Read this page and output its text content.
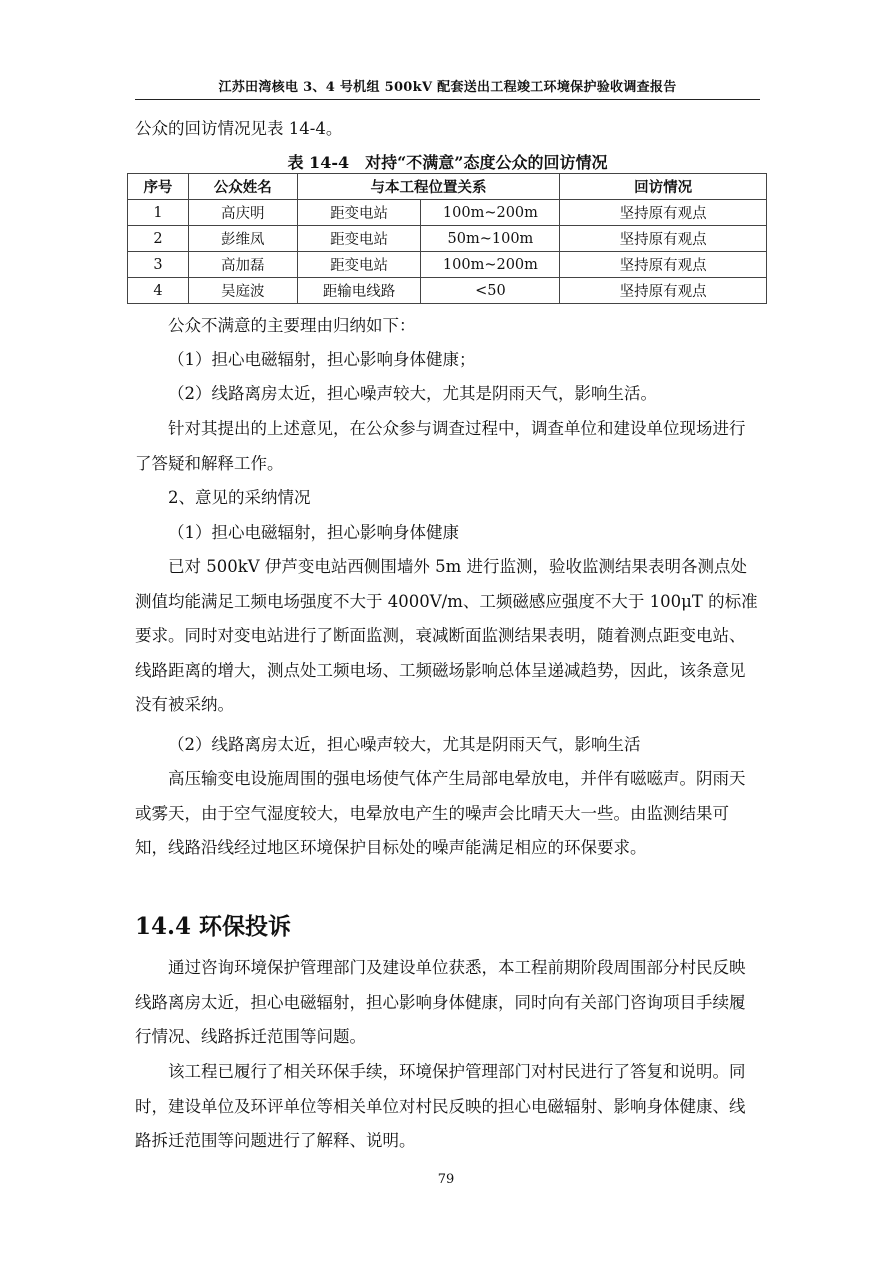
江苏田湾核电 3、4 号机组 500kV 配套送出工程竣工环境保护验收调查报告

公众的回访情况见表 14-4。

表 14-4　对持“不满意”态度公众的回访情况
序号	公众姓名	与本工程位置关系		回访情况
1	高庆明	距变电站	100m~200m	坚持原有观点
2	彭维凤	距变电站	50m~100m	坚持原有观点
3	高加磊	距变电站	100m~200m	坚持原有观点
4	吴庭波	距输电线路	<50	坚持原有观点

公众不满意的主要理由归纳如下：

（1）担心电磁辐射，担心影响身体健康；

（2）线路离房太近，担心噪声较大，尤其是阴雨天气，影响生活。

针对其提出的上述意见，在公众参与调查过程中，调查单位和建设单位现场进行了答疑和解释工作。

2、意见的采纳情况

（1）担心电磁辐射，担心影响身体健康

已对 500kV 伊芦变电站西侧围墙外 5m 进行监测，验收监测结果表明各测点处测值均能满足工频电场强度不大于 4000V/m、工频磁感应强度不大于 100μT 的标准要求。同时对变电站进行了断面监测，衰减断面监测结果表明，随着测点距变电站、线路距离的增大，测点处工频电场、工频磁场影响总体呈递减趋势，因此，该条意见没有被采纳。

（2）线路离房太近，担心噪声较大，尤其是阴雨天气，影响生活

高压输变电设施周围的强电场使气体产生局部电晕放电，并伴有嗞嗞声。阴雨天或雾天，由于空气湿度较大，电晕放电产生的噪声会比晴天大一些。由监测结果可知，线路沿线经过地区环境保护目标处的噪声能满足相应的环保要求。

14.4 环保投诉

通过咨询环境保护管理部门及建设单位获悉，本工程前期阶段周围部分村民反映线路离房太近，担心电磁辐射，担心影响身体健康，同时向有关部门咨询项目手续履行情况、线路拆迁范围等问题。

该工程已履行了相关环保手续，环境保护管理部门对村民进行了答复和说明。同时，建设单位及环评单位等相关单位对村民反映的担心电磁辐射、影响身体健康、线路拆迁范围等问题进行了解释、说明。

79
